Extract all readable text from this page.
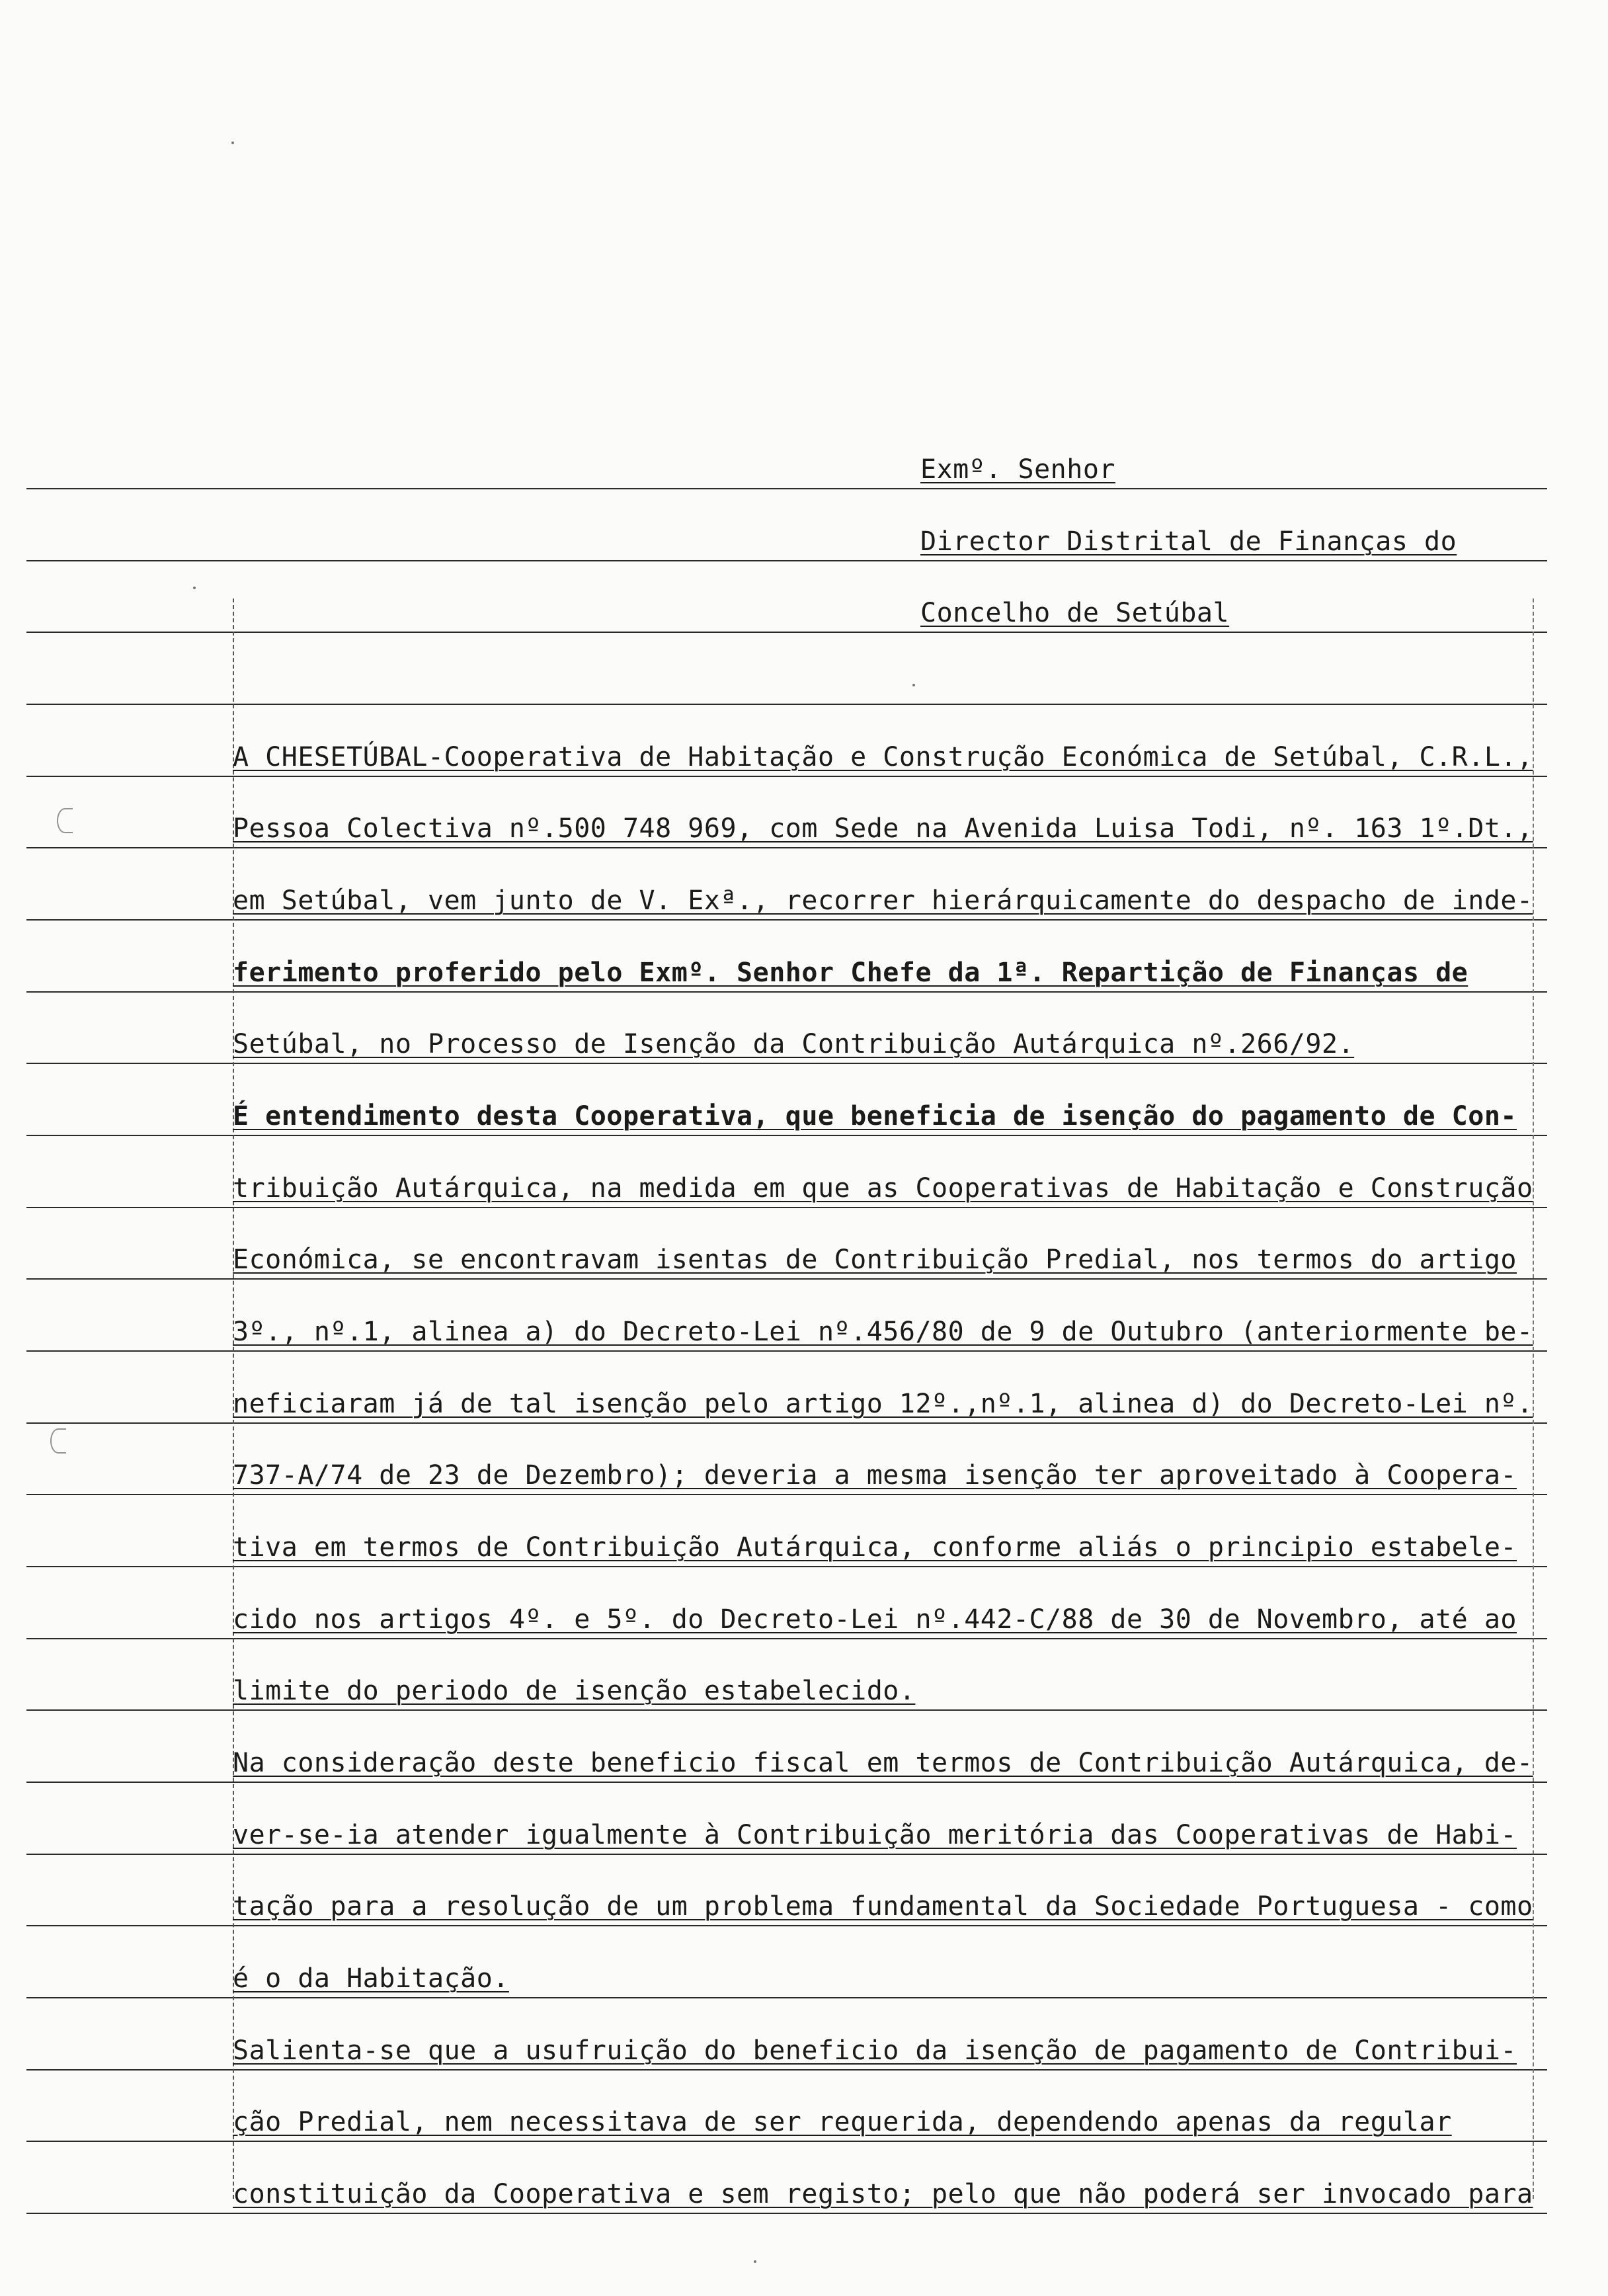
Exmº. Senhor
Director Distrital de Finanças do
Concelho de Setúbal
A CHESETÚBAL-Cooperativa de Habitação e Construção Económica de Setúbal, C.R.L.,
Pessoa Colectiva nº.500 748 969, com Sede na Avenida Luisa Todi, nº. 163 1º.Dt.,
em Setúbal, vem junto de V. Exª., recorrer hierárquicamente do despacho de inde-
ferimento proferido pelo Exmº. Senhor Chefe da 1ª. Repartição de Finanças de
Setúbal, no Processo de Isenção da Contribuição Autárquica nº.266/92.
É entendimento desta Cooperativa, que beneficia de isenção do pagamento de Con-
tribuição Autárquica, na medida em que as Cooperativas de Habitação e Construção
Económica, se encontravam isentas de Contribuição Predial, nos termos do artigo
3º., nº.1, alinea a) do Decreto-Lei nº.456/80 de 9 de Outubro (anteriormente be-
neficiaram já de tal isenção pelo artigo 12º.,nº.1, alinea d) do Decreto-Lei nº.
737-A/74 de 23 de Dezembro); deveria a mesma isenção ter aproveitado à Coopera-
tiva em termos de Contribuição Autárquica, conforme aliás o principio estabele-
cido nos artigos 4º. e 5º. do Decreto-Lei nº.442-C/88 de 30 de Novembro, até ao
limite do periodo de isenção estabelecido.
Na consideração deste beneficio fiscal em termos de Contribuição Autárquica, de-
ver-se-ia atender igualmente à Contribuição meritória das Cooperativas de Habi-
tação para a resolução de um problema fundamental da Sociedade Portuguesa - como
é o da Habitação.
Salienta-se que a usufruição do beneficio da isenção de pagamento de Contribui-
ção Predial, nem necessitava de ser requerida, dependendo apenas da regular
constituição da Cooperativa e sem registo; pelo que não poderá ser invocado para
